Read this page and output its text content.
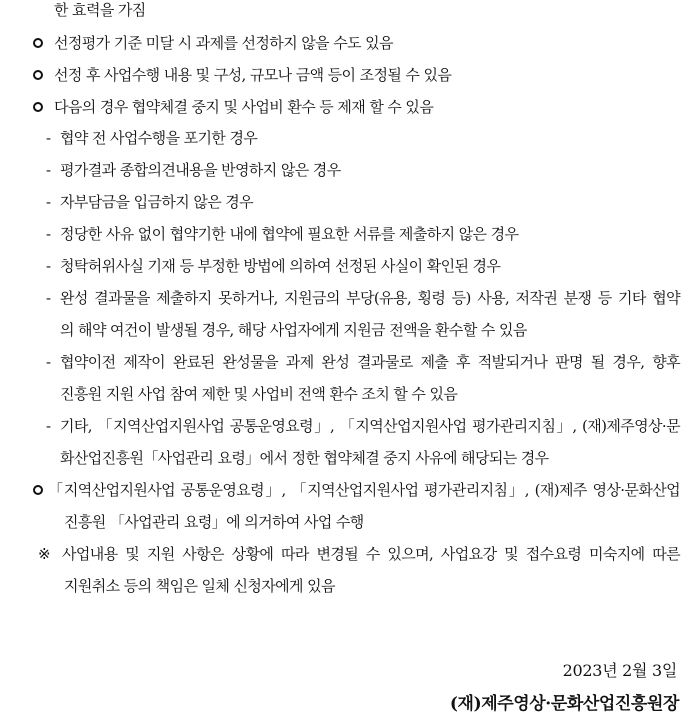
한 효력을 가짐
선정평가 기준 미달 시 과제를 선정하지 않을 수도 있음
선정 후 사업수행 내용 및 구성, 규모나 금액 등이 조정될 수 있음
다음의 경우 협약체결 중지 및 사업비 환수 등 제재 할 수 있음
- 협약 전 사업수행을 포기한 경우
- 평가결과 종합의견내용을 반영하지 않은 경우
- 자부담금을 입금하지 않은 경우
- 정당한 사유 없이 협약기한 내에 협약에 필요한 서류를 제출하지 않은 경우
- 청탁허위사실 기재 등 부정한 방법에 의하여 선정된 사실이 확인된 경우
- 완성 결과물을 제출하지 못하거나, 지원금의 부당(유용, 횡령 등) 사용, 저작권 분쟁 등 기타 협약
의 해약 여건이 발생될 경우, 해당 사업자에게 지원금 전액을 환수할 수 있음
- 협약이전 제작이 완료된 완성물을 과제 완성 결과물로 제출 후 적발되거나 판명 될 경우, 향후
진흥원 지원 사업 참여 제한 및 사업비 전액 환수 조치 할 수 있음
- 기타, 「지역산업지원사업 공통운영요령」, 「지역산업지원사업 평가관리지침」, (재)제주영상·문
화산업진흥원「사업관리 요령」에서 정한 협약체결 중지 사유에 해당되는 경우
「지역산업지원사업 공통운영요령」, 「지역산업지원사업 평가관리지침」, (재)제주 영상·문화산업
진흥원 「사업관리 요령」에 의거하여 사업 수행
※ 사업내용 및 지원 사항은 상황에 따라 변경될 수 있으며, 사업요강 및 접수요령 미숙지에 따른
지원취소 등의 책임은 일체 신청자에게 있음
2023년 2월 3일
(재)제주영상·문화산업진흥원장
